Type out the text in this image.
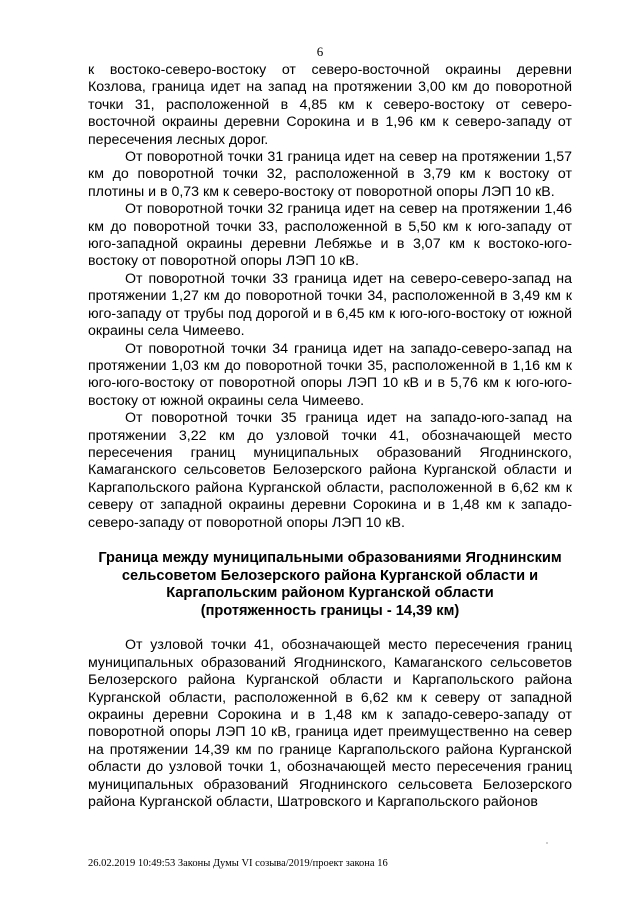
6

к востоко-северо-востоку от северо-восточной окраины деревни Козлова, граница идет на запад на протяжении 3,00 км до поворотной точки 31, расположенной в 4,85 км к северо-востоку от северо-восточной окраины деревни Сорокина и в 1,96 км к северо-западу от пересечения лесных дорог.

От поворотной точки 31 граница идет на север на протяжении 1,57 км до поворотной точки 32, расположенной в 3,79 км к востоку от плотины и в 0,73 км к северо-востоку от поворотной опоры ЛЭП 10 кВ.

От поворотной точки 32 граница идет на север на протяжении 1,46 км до поворотной точки 33, расположенной в 5,50 км к юго-западу от юго-западной окраины деревни Лебяжье и в 3,07 км к востоко-юго-востоку от поворотной опоры ЛЭП 10 кВ.

От поворотной точки 33 граница идет на северо-северо-запад на протяжении 1,27 км до поворотной точки 34, расположенной в 3,49 км к юго-западу от трубы под дорогой и в 6,45 км к юго-юго-востоку от южной окраины села Чимеево.

От поворотной точки 34 граница идет на западо-северо-запад на протяжении 1,03 км до поворотной точки 35, расположенной в 1,16 км к юго-юго-востоку от поворотной опоры ЛЭП 10 кВ и в 5,76 км к юго-юго-востоку от южной окраины села Чимеево.

От поворотной точки 35 граница идет на западо-юго-запад на протяжении 3,22 км до узловой точки 41, обозначающей место пересечения границ муниципальных образований Ягоднинского, Камаганского сельсоветов Белозерского района Курганской области и Каргапольского района Курганской области, расположенной в 6,62 км к северу от западной окраины деревни Сорокина и в 1,48 км к западо-северо-западу от поворотной опоры ЛЭП 10 кВ.

Граница между муниципальными образованиями Ягоднинским
сельсоветом Белозерского района Курганской области и
Каргапольским районом Курганской области
(протяженность границы - 14,39 км)

От узловой точки 41, обозначающей место пересечения границ муниципальных образований Ягоднинского, Камаганского сельсоветов Белозерского района Курганской области и Каргапольского района Курганской области, расположенной в 6,62 км к северу от западной окраины деревни Сорокина и в 1,48 км к западо-северо-западу от поворотной опоры ЛЭП 10 кВ, граница идет преимущественно на север на протяжении 14,39 км по границе Каргапольского района Курганской области до узловой точки 1, обозначающей место пересечения границ муниципальных образований Ягоднинского сельсовета Белозерского района Курганской области, Шатровского и Каргапольского районов

26.02.2019 10:49:53 Законы Думы VI созыва/2019/проект закона 16
